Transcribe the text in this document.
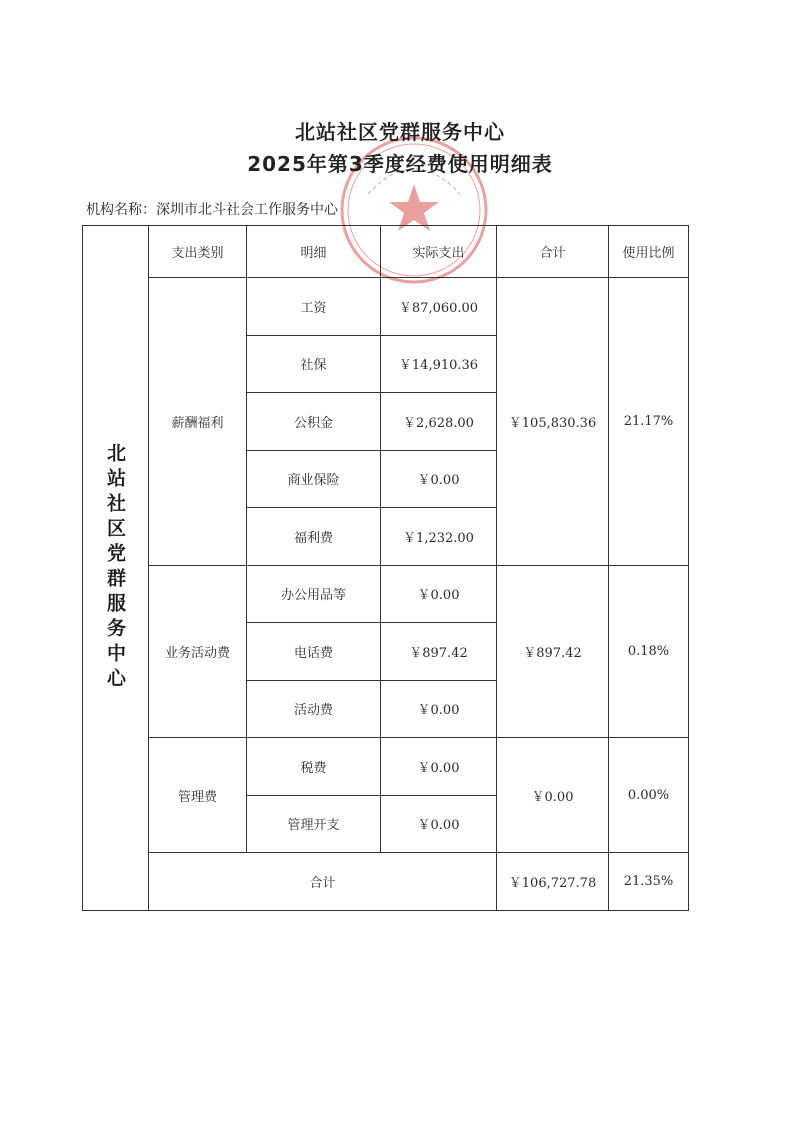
北站社区党群服务中心
2025年第3季度经费使用明细表
机构名称：深圳市北斗社会工作服务中心
北站社区党群服务中心	支出类别	明细	实际支出	合计	使用比例
	薪酬福利	工资	￥87,060.00	￥105,830.36	21.17%
		社保	￥14,910.36		
		公积金	￥2,628.00		
		商业保险	￥0.00		
		福利费	￥1,232.00		
	业务活动费	办公用品等	￥0.00	￥897.42	0.18%
		电话费	￥897.42		
		活动费	￥0.00		
	管理费	税费	￥0.00	￥0.00	0.00%
		管理开支	￥0.00		
	合计			￥106,727.78	21.35%
